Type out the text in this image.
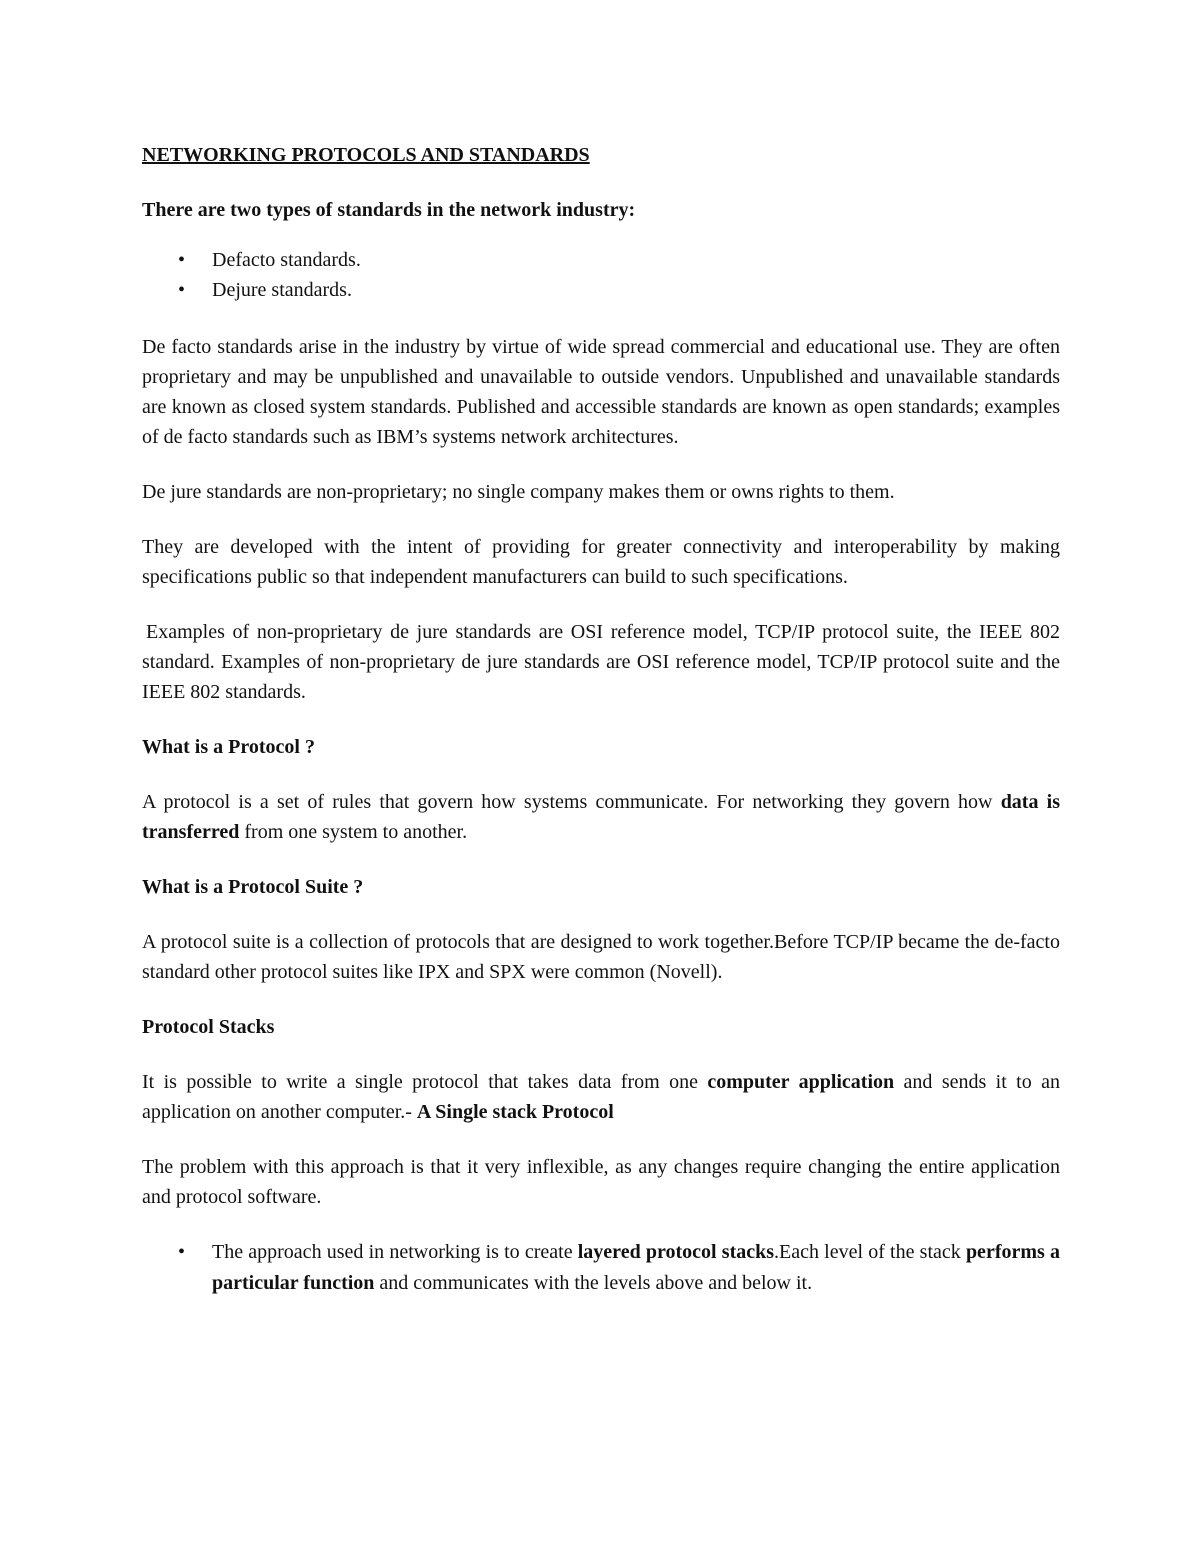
NETWORKING PROTOCOLS AND STANDARDS
There are two types of standards in the network industry:
• Defacto standards.
• Dejure standards.

De facto standards arise in the industry by virtue of wide spread commercial and educational use. They are often proprietary and may be unpublished and unavailable to outside vendors. Unpublished and unavailable standards are known as closed system standards. Published and accessible standards are known as open standards; examples of de facto standards such as IBM’s systems network architectures.

De jure standards are non-proprietary; no single company makes them or owns rights to them.

They are developed with the intent of providing for greater connectivity and interoperability by making specifications public so that independent manufacturers can build to such specifications.

Examples of non-proprietary de jure standards are OSI reference model, TCP/IP protocol suite, the IEEE 802 standard. Examples of non-proprietary de jure standards are OSI reference model, TCP/IP protocol suite and the IEEE 802 standards.

What is a Protocol ?

A protocol is a set of rules that govern how systems communicate. For networking they govern how data is transferred from one system to another.

What is a Protocol Suite ?

A protocol suite is a collection of protocols that are designed to work together.Before TCP/IP became the de-facto standard other protocol suites like IPX and SPX were common (Novell).

Protocol Stacks

It is possible to write a single protocol that takes data from one computer application and sends it to an application on another computer.- A Single stack Protocol

The problem with this approach is that it very inflexible, as any changes require changing the entire application and protocol software.

• The approach used in networking is to create layered protocol stacks.Each level of the stack performs a particular function and communicates with the levels above and below it.
